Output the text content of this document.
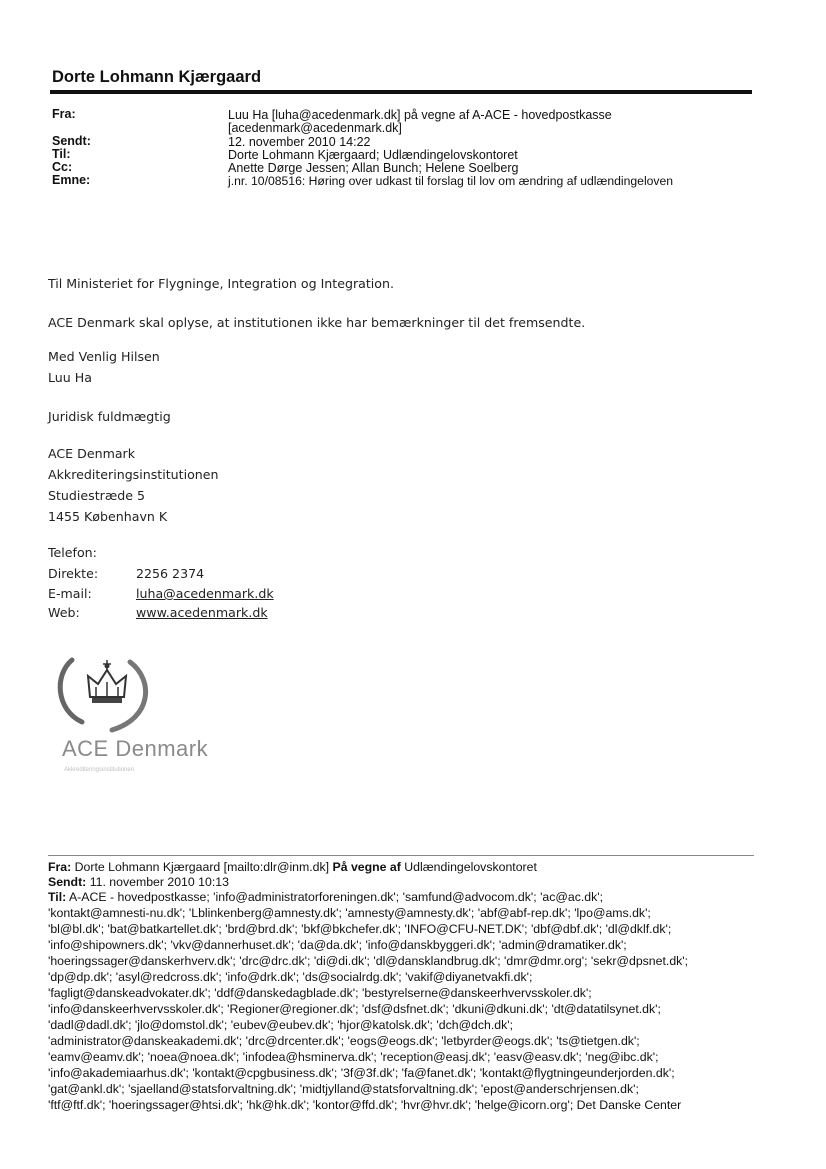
Dorte Lohmann Kjærgaard
Fra:	Luu Ha [luha@acedenmark.dk] på vegne af A-ACE - hovedpostkasse
[acedenmark@acedenmark.dk]
Sendt:	12. november 2010 14:22
Til:	Dorte Lohmann Kjærgaard; Udlændingelovskontoret
Cc:	Anette Dørge Jessen; Allan Bunch; Helene Soelberg
Emne:	j.nr. 10/08516: Høring over udkast til forslag til lov om ændring af udlændingeloven
Til Ministeriet for Flygninge, Integration og Integration.
ACE Denmark skal oplyse, at institutionen ikke har bemærkninger til det fremsendte.
Med Venlig Hilsen
Luu Ha
Juridisk fuldmægtig
ACE Denmark
Akkrediteringsinstitutionen
Studiestræde 5
1455 København K
Telefon:
Direkte:	2256 2374
E-mail:	luha@acedenmark.dk
Web:	www.acedenmark.dk
ACE Denmark
Akkrediteringsinstitutionen
Fra: Dorte Lohmann Kjærgaard [mailto:dlr@inm.dk] På vegne af Udlændingelovskontoret
Sendt: 11. november 2010 10:13
Til: A-ACE - hovedpostkasse; 'info@administratorforeningen.dk'; 'samfund@advocom.dk'; 'ac@ac.dk';
'kontakt@amnesti-nu.dk'; 'Lblinkenberg@amnesty.dk'; 'amnesty@amnesty.dk'; 'abf@abf-rep.dk'; 'lpo@ams.dk';
'bl@bl.dk'; 'bat@batkartellet.dk'; 'brd@brd.dk'; 'bkf@bkchefer.dk'; 'INFO@CFU-NET.DK'; 'dbf@dbf.dk'; 'dl@dklf.dk';
'info@shipowners.dk'; 'vkv@dannerhuset.dk'; 'da@da.dk'; 'info@danskbyggeri.dk'; 'admin@dramatiker.dk';
'hoeringssager@danskerhverv.dk'; 'drc@drc.dk'; 'di@di.dk'; 'dl@dansklandbrug.dk'; 'dmr@dmr.org'; 'sekr@dpsnet.dk';
'dp@dp.dk'; 'asyl@redcross.dk'; 'info@drk.dk'; 'ds@socialrdg.dk'; 'vakif@diyanetvakfi.dk';
'fagligt@danskeadvokater.dk'; 'ddf@danskedagblade.dk'; 'bestyrelserne@danskeerhvervsskoler.dk';
'info@danskeerhvervsskoler.dk'; 'Regioner@regioner.dk'; 'dsf@dsfnet.dk'; 'dkuni@dkuni.dk'; 'dt@datatilsynet.dk';
'dadl@dadl.dk'; 'jlo@domstol.dk'; 'eubev@eubev.dk'; 'hjor@katolsk.dk'; 'dch@dch.dk';
'administrator@danskeakademi.dk'; 'drc@drcenter.dk'; 'eogs@eogs.dk'; 'letbyrder@eogs.dk'; 'ts@tietgen.dk';
'eamv@eamv.dk'; 'noea@noea.dk'; 'infodea@hsminerva.dk'; 'reception@easj.dk'; 'easv@easv.dk'; 'neg@ibc.dk';
'info@akademiaarhus.dk'; 'kontakt@cpgbusiness.dk'; '3f@3f.dk'; 'fa@fanet.dk'; 'kontakt@flygtningeunderjorden.dk';
'gat@ankl.dk'; 'sjaelland@statsforvaltning.dk'; 'midtjylland@statsforvaltning.dk'; 'epost@anderschrjensen.dk';
'ftf@ftf.dk'; 'hoeringssager@htsi.dk'; 'hk@hk.dk'; 'kontor@ffd.dk'; 'hvr@hvr.dk'; 'helge@icorn.org'; Det Danske Center
